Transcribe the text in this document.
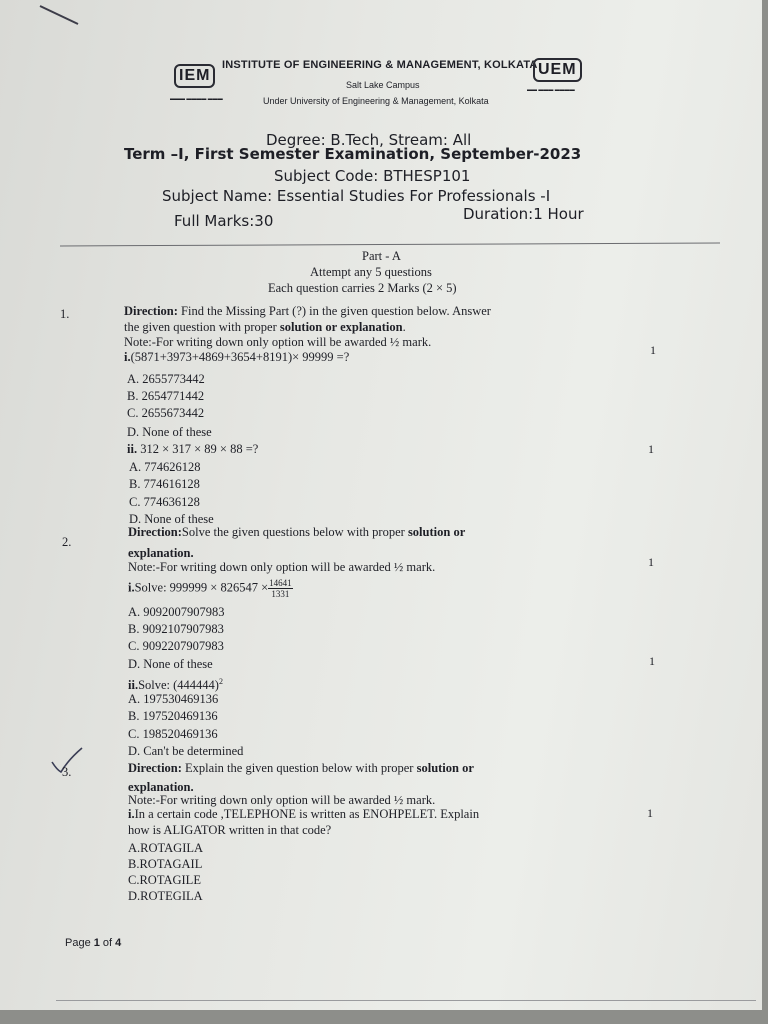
IEM
▬▬▬ ▬▬▬▬ ▬▬▬
INSTITUTE OF ENGINEERING & MANAGEMENT, KOLKATA UEM
▬▬ ▬▬▬ ▬▬▬▬
Salt Lake Campus
Under University of Engineering & Management, Kolkata
Degree: B.Tech, Stream: All
Term –I, First Semester Examination, September-2023
Subject Code: BTHESP101
Subject Name: Essential Studies For Professionals -I
Full Marks:30	Duration:1 Hour
Part - A
Attempt any 5 questions
Each question carries 2 Marks (2 × 5)
1.	Direction: Find the Missing Part (?) in the given question below. Answer
the given question with proper solution or explanation.
Note:-For writing down only option will be awarded ½ mark.
i.(5871+3973+4869+3654+8191)× 99999 =?	1
A. 2655773442
B. 2654771442
C. 2655673442
D. None of these
ii. 312 × 317 × 89 × 88 =?	1
A. 774626128
B. 774616128
C. 774636128
D. None of these
2.
Direction:Solve the given questions below with proper solution or
explanation.
Note:-For writing down only option will be awarded ½ mark.
i.Solve: $999999 \times 826547 \times \frac{14641}{1331}$
1
A. 9092007907983
B. 9092107907983
C. 9092207907983
D. None of these
ii.Solve: $(444444)^2$
1
A. 197530469136
B. 197520469136
C. 198520469136
D. Can't be determined
3.	Direction: Explain the given question below with proper solution or
explanation.
Note:-For writing down only option will be awarded ½ mark.
i.In a certain code ,TELEPHONE is written as ENOHPELET. Explain
how is ALIGATOR written in that code?
1
A.ROTAGILA
B.ROTAGAIL
C.ROTAGILE
D.ROTEGILA
Page 1 of 4
